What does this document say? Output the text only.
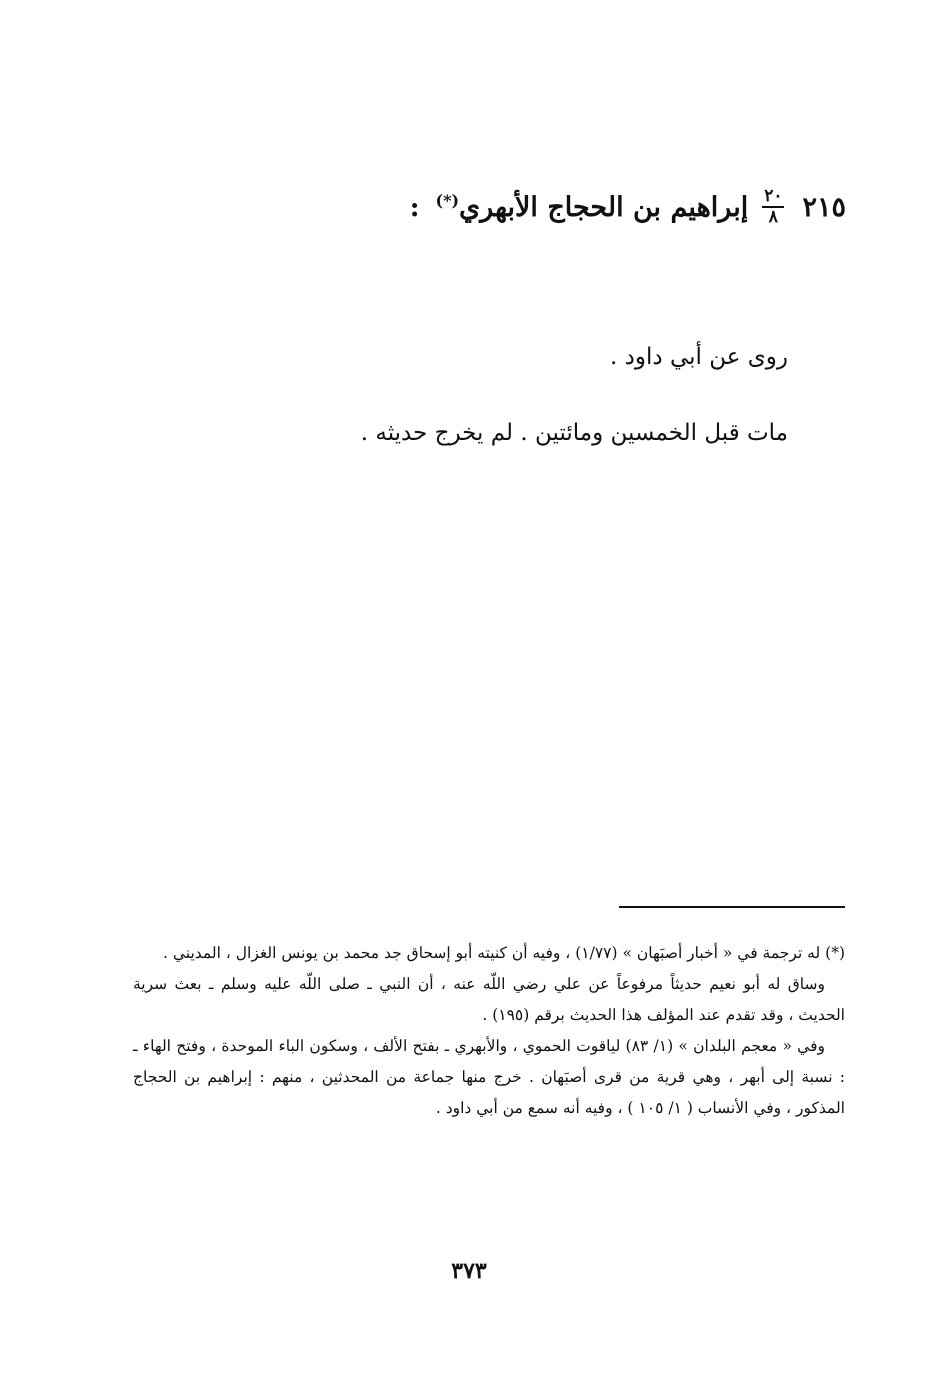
٢١٥
$\frac{٢٠}{٨}$
إبراهيم بن الحجاج الأبهري(*)
:
روى عن أبي داود .
مات قبل الخمسين ومائتين . لم يخرج حديثه .

(*) له ترجمة في « أخبار أصبَهان » (١/٧٧) ، وفيه أن كنيته أبو إسحاق جد محمد بن يونس الغزال ، المديني .

وساق له أبو نعيم حديثاً مرفوعاً عن علي رضي اللّه عنه ، أن النبي ـ صلى اللّه عليه وسلم ـ بعث سرية الحديث ، وقد تقدم عند المؤلف هذا الحديث برقم (١٩٥) .

وفي « معجم البلدان » (١/ ٨٣) لياقوت الحموي ، والأبهري ـ بفتح الألف ، وسكون الباء الموحدة ، وفتح الهاء ـ : نسبة إلى أبهر ، وهي قرية من قرى أصبَهان . خرج منها جماعة من المحدثين ، منهم : إبراهيم بن الحجاج المذكور ، وفي الأنساب ( ١/ ١٠٥ ) ، وفيه أنه سمع من أبي داود .

٣٧٣
